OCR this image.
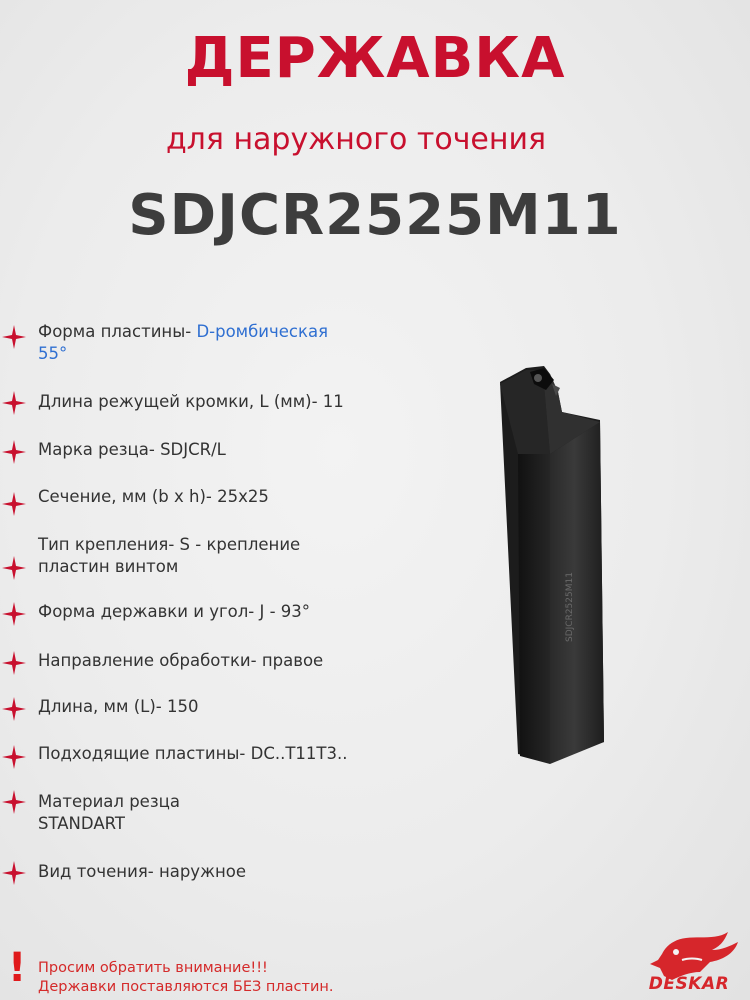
ДЕРЖАВКА
для наружного точения
SDJCR2525M11
Форма пластины- D-ромбическая
55°
Длина режущей кромки, L (мм)- 11
Марка резца- SDJCR/L
Сечение, мм (b x h)- 25х25
Тип крепления- S - крепление
пластин винтом
Форма державки и угол- J - 93°
Направление обработки- правое
Длина, мм (L)- 150
Подходящие пластины- DC..T11T3..
Материал резца
STANDART
Вид точения- наружное
SDJCR2525M11
! Просим обратить внимание!!!
Державки поставляются БЕЗ пластин.	DESKAR
